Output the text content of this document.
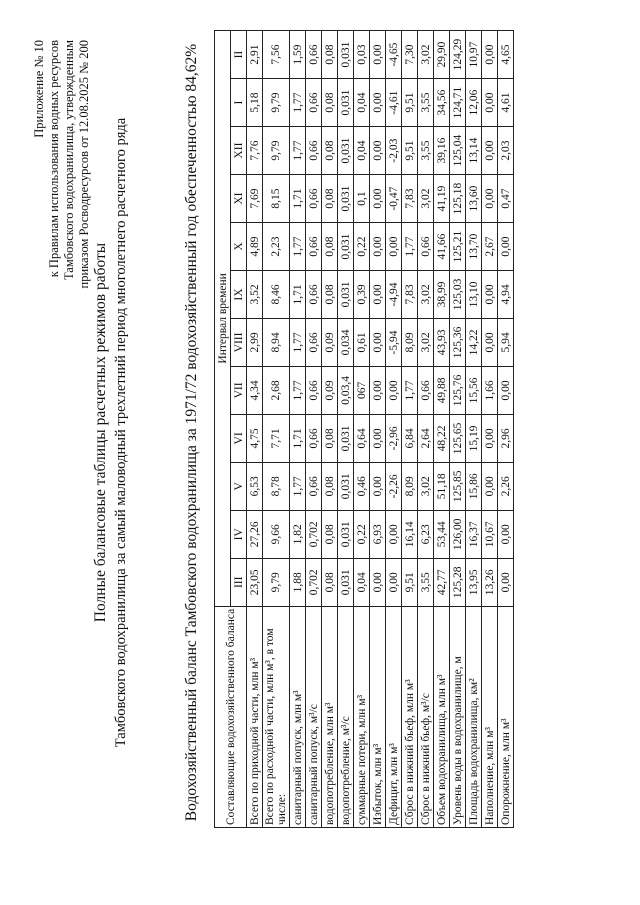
Приложение № 10 к Правилам использования водных ресурсов Тамбовского водохранилища, утвержденным приказом Росводресурсов от 12.08.2025 № 200
Полные балансовые таблицы расчетных режимов работы Тамбовского водохранилища за самый маловодный трехлетний период многолетнего расчетного ряда	Водохозяйственный баланс Тамбовского водохранилища за 1971/72 водохозяйственный год обеспеченностью 84,62% Составляющие водохозяйственного баланса	Интервал времени											
	III	IV	V	VI	VII	VIII	IX	X	XI	XII	I	II
Всего по приходной части, млн м³	23,05	27,26	6,53	4,75	4,34	2,99	3,52	4,89	7,69	7,76	5,18	2,91
Всего по расходной части, млн м³, в том числе:	9,79	9,66	8,78	7,71	2,68	8,94	8,46	2,23	8,15	9,79	9,79	7,56
санитарный попуск, млн м³	1,88	1,82	1,77	1,71	1,77	1,77	1,71	1,77	1,71	1,77	1,77	1,59
санитарный попуск, м³/с	0,702	0,702	0,66	0,66	0,66	0,66	0,66	0,66	0,66	0,66	0,66	0,66
водопотребление, млн м³	0,08	0,08	0,08	0,08	0,09	0,09	0,08	0,08	0,08	0,08	0,08	0,08
водопотребление, м³/с	0,031	0,031	0,031	0,031	0,03,4	0,034	0,031	0,031	0,031	0,031	0,031	0,031
суммарные потери, млн м³	0,04	0,22	0,46	0,64	067	0,61	0,39	0,22	0,1	0,04	0,04	0,03
Избыток, млн м³	0,00	6,93	0,00	0,00	0,00	0,00	0,00	0,00	0,00	0,00	0,00	0,00
Дефицит, млн м³	0,00	0,00	-2,26	-2,96	0,00	-5,94	-4,94	0,00	-0,47	-2,03	-4,61	-4,65
Сброс в нижний бьеф, млн м³	9,51	16,14	8,09	6,84	1,77	8,09	7,83	1,77	7,83	9,51	9,51	7,30
Сброс в нижний бьеф, м³/с	3,55	6,23	3,02	2,64	0,66	3,02	3,02	0,66	3,02	3,55	3,55	3,02
Объем водохранилища, млн м³	42,77	53,44	51,18	48,22	49,88	43,93	38,99	41,66	41,19	39,16	34,56	29,90
Уровень воды в водохранилище, м	125,28	126,00	125,85	125,65	125,76	125,36	125,03	125,21	125,18	125,04	124,71	124,29
Площадь водохранилища, км²	13,95	16,37	15,86	15,19	15,56	14,22	13,10	13,70	13,60	13,14	12,06	10,97
Наполнение, млн м³	13,26	10,67	0,00	0,00	1,66	0,00	0,00	2,67	0,00	0,00	0,00	0,00
Опорожнение, млн м³	0,00	0,00	2,26	2,96	0,00	5,94	4,94	0,00	0,47	2,03	4,61	4,65
